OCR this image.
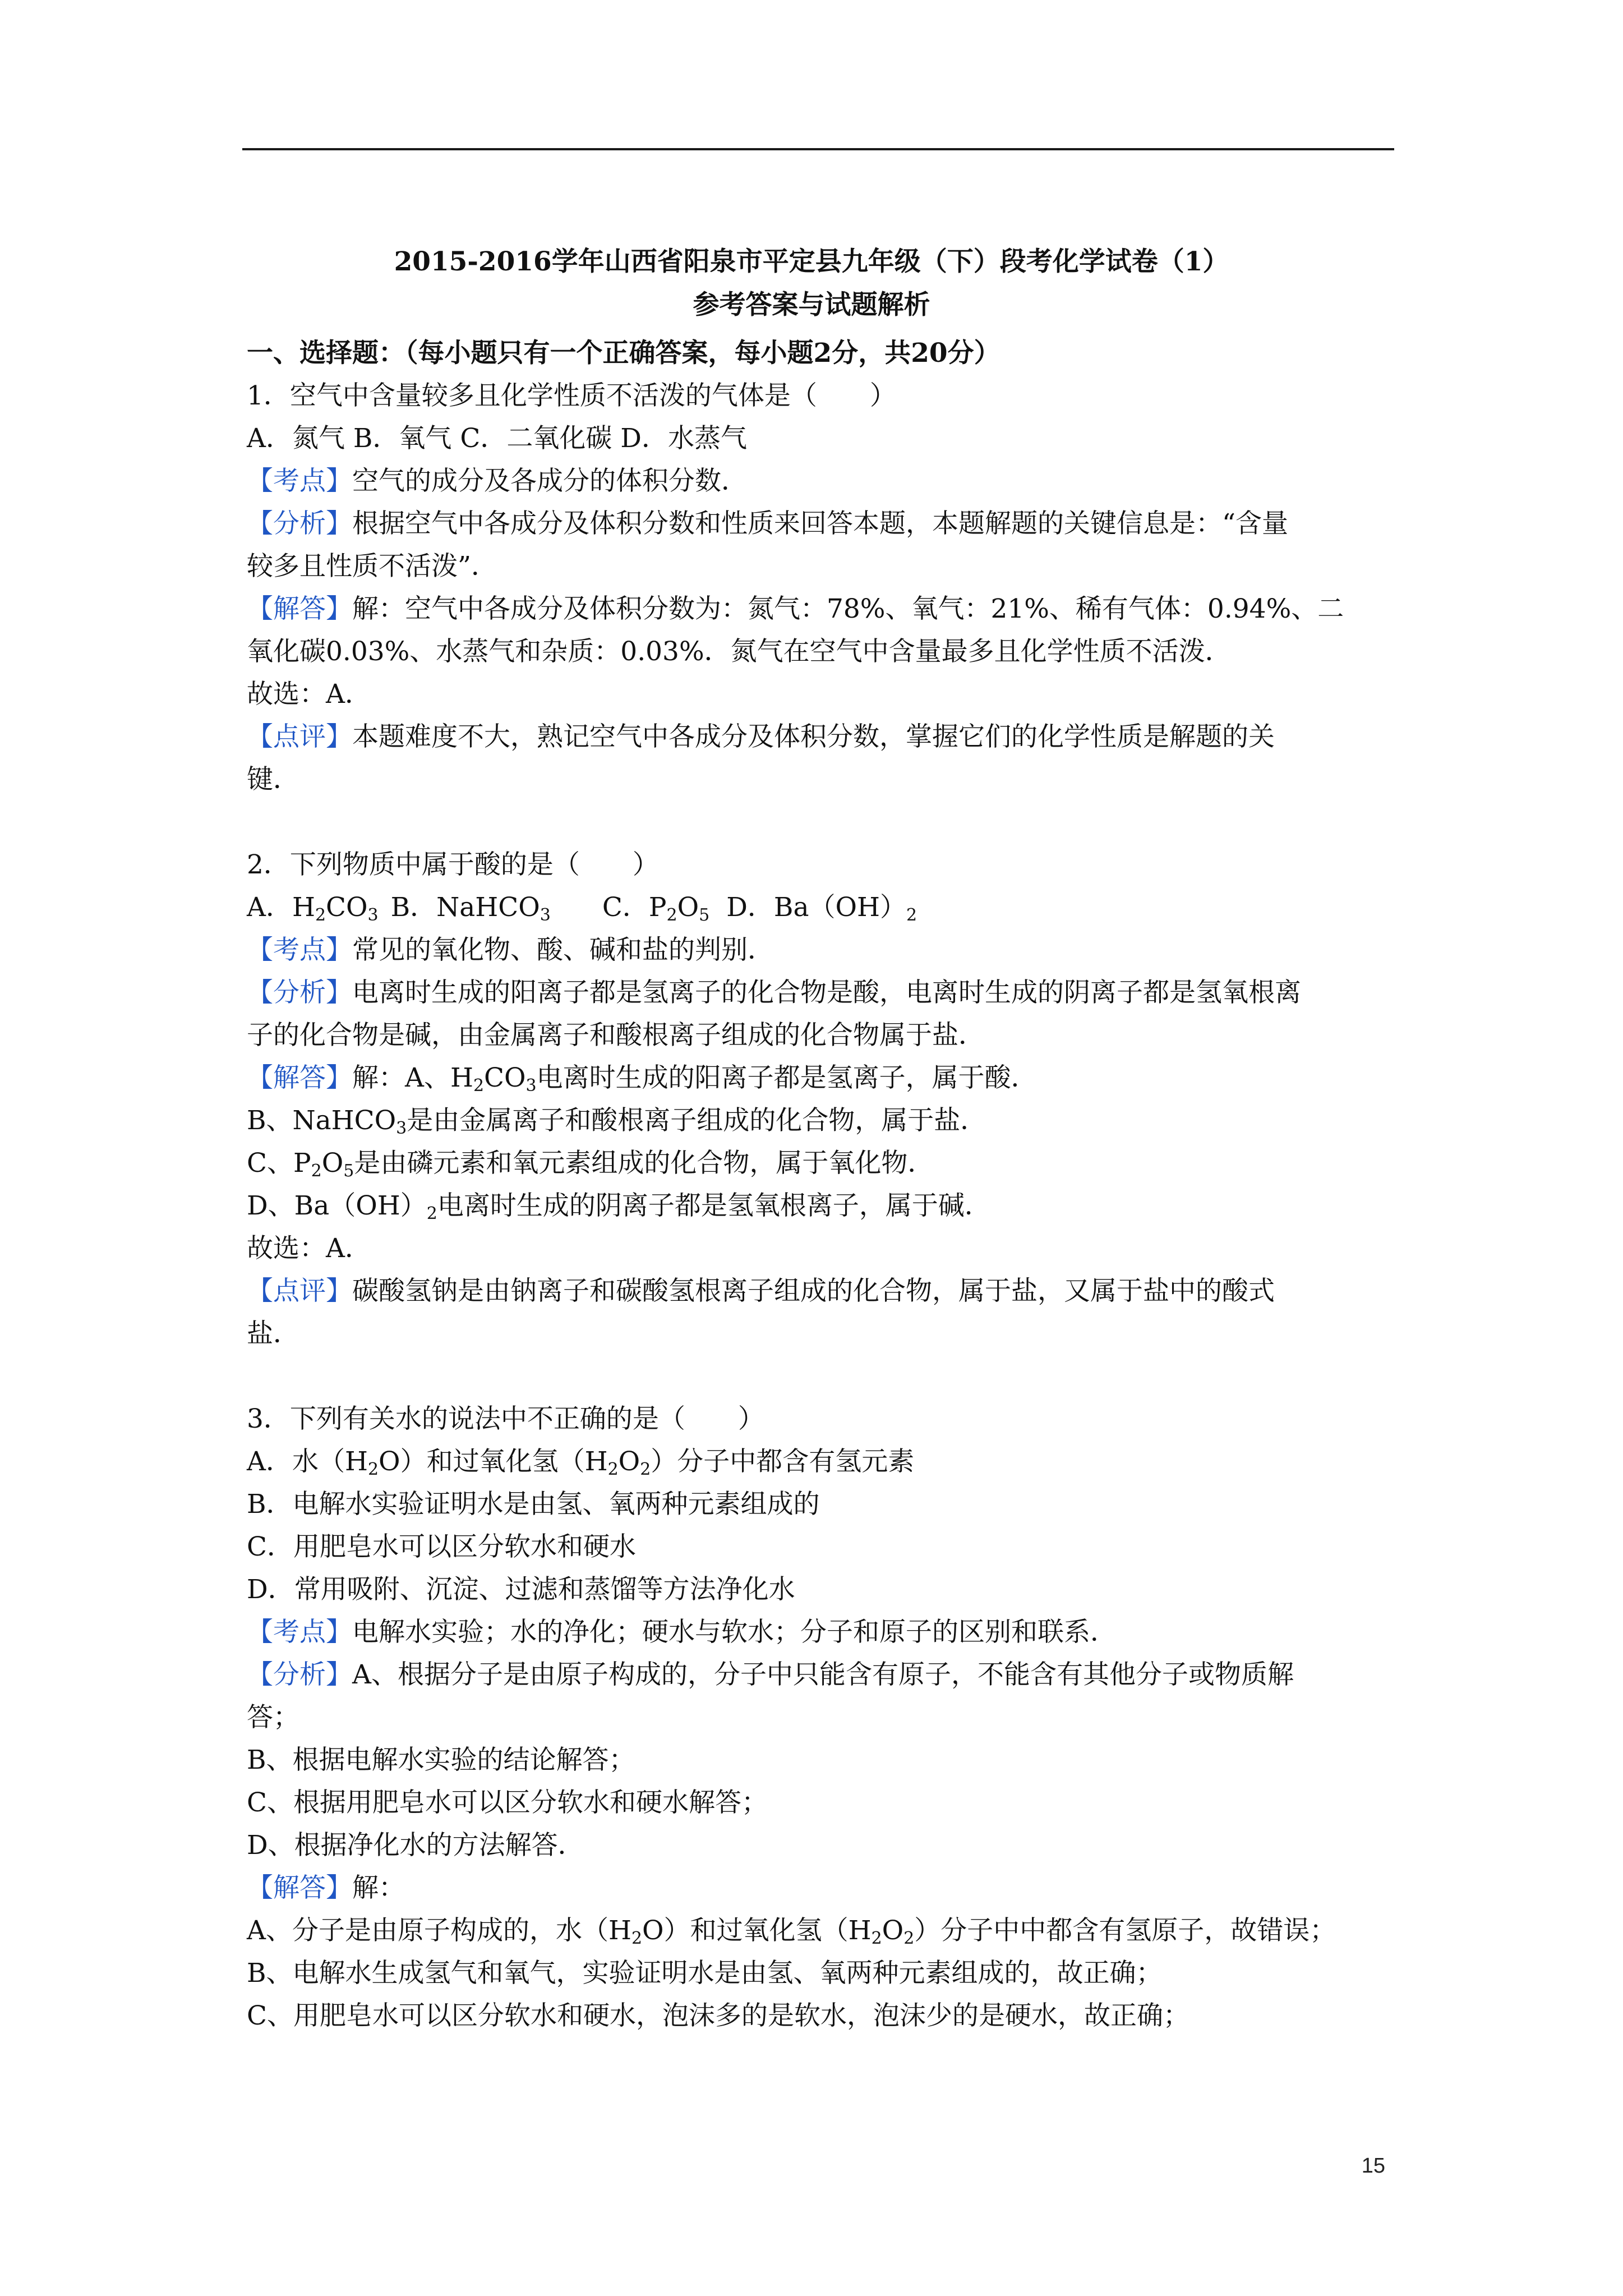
2015-2016学年山西省阳泉市平定县九年级（下）段考化学试卷（1）
参考答案与试题解析
一、选择题：（每小题只有一个正确答案，每小题2分，共20分）
1．空气中含量较多且化学性质不活泼的气体是（　　）
A．氮气 B．氧气 C．二氧化碳 D．水蒸气
【考点】空气的成分及各成分的体积分数．
【分析】根据空气中各成分及体积分数和性质来回答本题，本题解题的关键信息是：“含量
较多且性质不活泼”．
【解答】解：空气中各成分及体积分数为：氮气：78%、氧气：21%、稀有气体：0.94%、二
氧化碳0.03%、水蒸气和杂质：0.03%．氮气在空气中含量最多且化学性质不活泼．
故选：A．
【点评】本题难度不大，熟记空气中各成分及体积分数，掌握它们的化学性质是解题的关
键．
2．下列物质中属于酸的是（　　）
A．$H_2CO_3$ B．NaHCO$_3$ C．$P_2O_5$ D．$Ba(OH)_2$
【考点】常见的氧化物、酸、碱和盐的判别．
【分析】电离时生成的阳离子都是氢离子的化合物是酸，电离时生成的阴离子都是氢氧根离
子的化合物是碱，由金属离子和酸根离子组成的化合物属于盐．
【解答】解：A、$H_2CO_3$电离时生成的阳离子都是氢离子，属于酸．
B、NaHCO$_3$是由金属离子和酸根离子组成的化合物，属于盐．
C、$P_2O_5$是由磷元素和氧元素组成的化合物，属于氧化物．
D、$Ba(OH)_2$电离时生成的阴离子都是氢氧根离子，属于碱．
故选：A．
【点评】碳酸氢钠是由钠离子和碳酸氢根离子组成的化合物，属于盐，又属于盐中的酸式
盐．
3．下列有关水的说法中不正确的是（　　）
A．水$(H_2O)$和过氧化氢$(H_2O_2)$分子中都含有氢元素
B．电解水实验证明水是由氢、氧两种元素组成的
C．用肥皂水可以区分软水和硬水
D．常用吸附、沉淀、过滤和蒸馏等方法净化水
【考点】电解水实验；水的净化；硬水与软水；分子和原子的区别和联系．
【分析】A、根据分子是由原子构成的，分子中只能含有原子，不能含有其他分子或物质解
答；
B、根据电解水实验的结论解答；
C、根据用肥皂水可以区分软水和硬水解答；
D、根据净化水的方法解答．
【解答】解：
A、分子是由原子构成的，水$(H_2O)$和过氧化氢$(H_2O_2)$分子中中都含有氢原子，故错误；
B、电解水生成氢气和氧气，实验证明水是由氢、氧两种元素组成的，故正确；
C、用肥皂水可以区分软水和硬水，泡沫多的是软水，泡沫少的是硬水，故正确；
15
